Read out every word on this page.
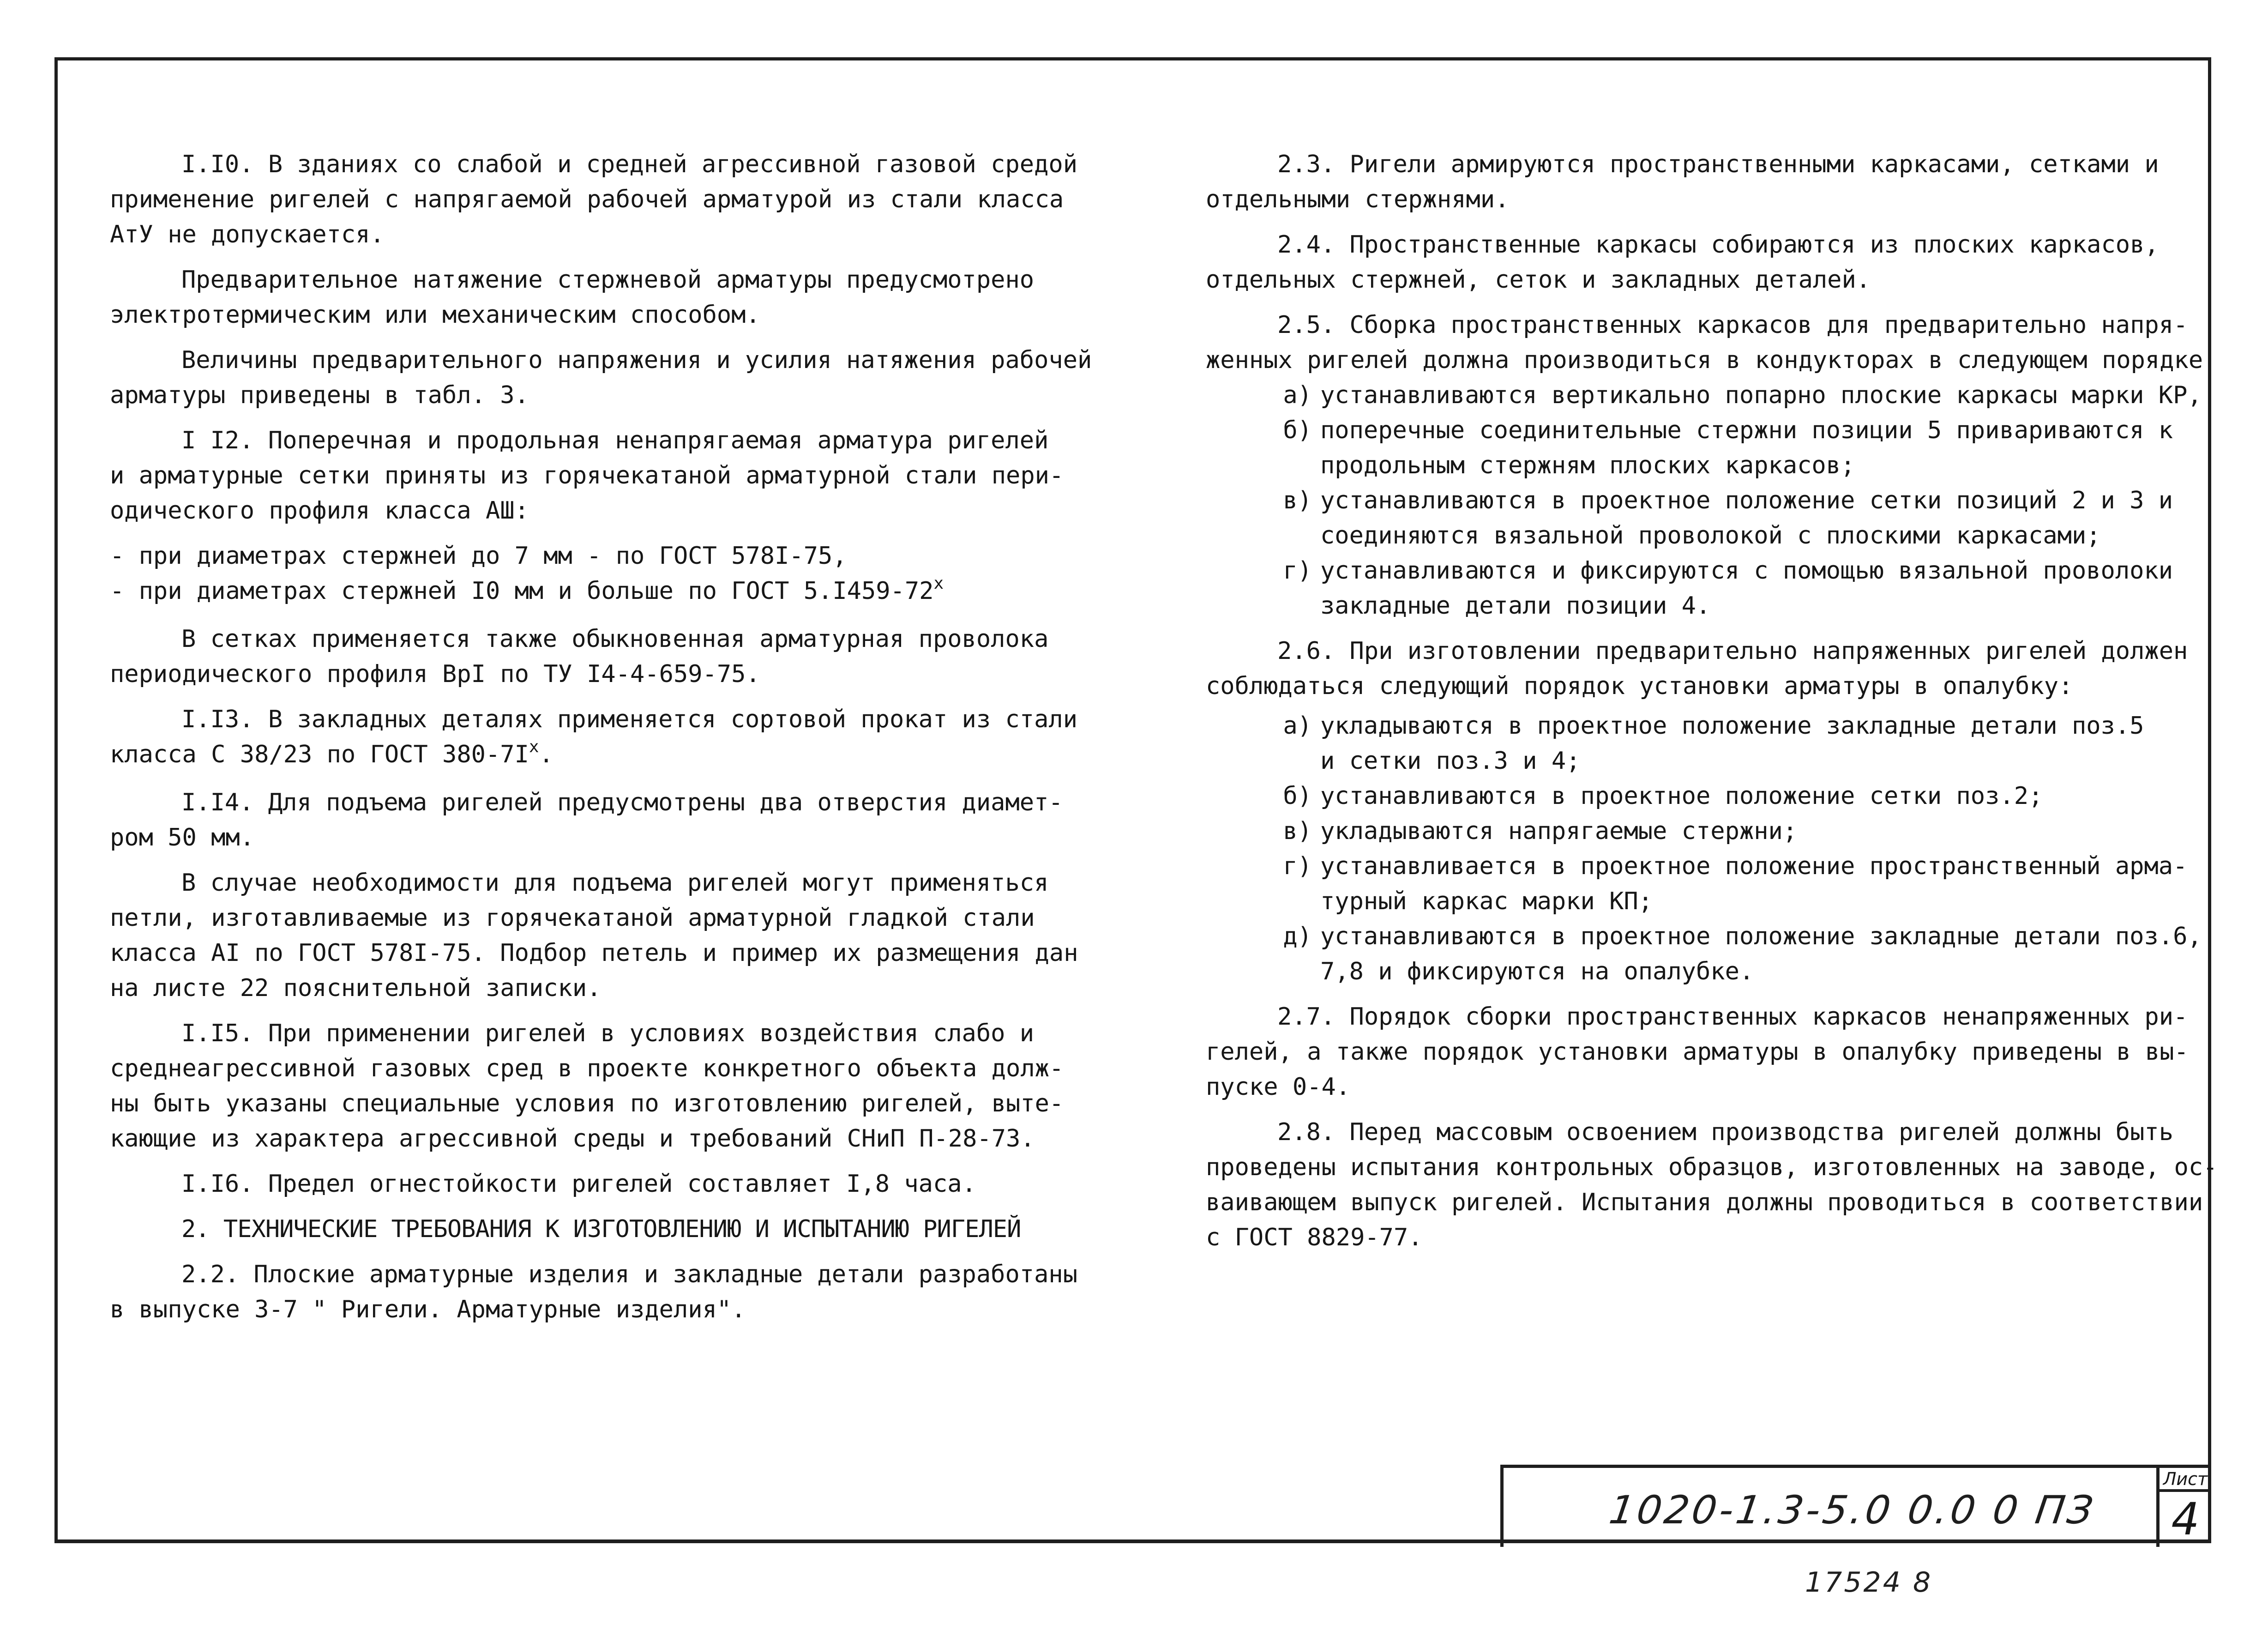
I.I0. В зданиях со слабой и средней агрессивной газовой средой
применение ригелей с напрягаемой рабочей арматурой из стали класса
АтУ не допускается.

Предварительное натяжение стержневой арматуры предусмотрено
электротермическим или механическим способом.

Величины предварительного напряжения и усилия натяжения рабочей
арматуры приведены в табл. 3.

I I2. Поперечная и продольная ненапрягаемая арматура ригелей
и арматурные сетки приняты из горячекатаной арматурной стали пери-
одического профиля класса АШ:

- при диаметрах стержней до 7 мм - по ГОСТ 578I-75,
- при диаметрах стержней I0 мм и больше по ГОСТ 5.I459-72$^x$

В сетках применяется также обыкновенная арматурная проволока
периодического профиля ВрI по ТУ I4-4-659-75.

I.I3. В закладных деталях применяется сортовой прокат из стали
класса С 38/23 по ГОСТ $380-7I^x$.

I.I4. Для подъема ригелей предусмотрены два отверстия диамет-
ром 50 мм.

В случае необходимости для подъема ригелей могут применяться
петли, изготавливаемые из горячекатаной арматурной гладкой стали
класса АI по ГОСТ 578I-75. Подбор петель и пример их размещения дан
на листе 22 пояснительной записки.

I.I5. При применении ригелей в условиях воздействия слабо и
среднеагрессивной газовых сред в проекте конкретного объекта долж-
ны быть указаны специальные условия по изготовлению ригелей, выте-
кающие из характера агрессивной среды и требований СНиП П-28-73.

I.I6. Предел огнестойкости ригелей составляет I,8 часа.

2. ТЕХНИЧЕСКИЕ ТРЕБОВАНИЯ К ИЗГОТОВЛЕНИЮ И ИСПЫТАНИЮ РИГЕЛЕЙ

2.2. Плоские арматурные изделия и закладные детали разработаны
в выпуске 3-7 " Ригели. Арматурные изделия".

2.3. Ригели армируются пространственными каркасами, сетками и
отдельными стержнями.

2.4. Пространственные каркасы собираются из плоских каркасов,
отдельных стержней, сеток и закладных деталей.

2.5. Сборка пространственных каркасов для предварительно напря-
женных ригелей должна производиться в кондукторах в следующем порядке

а) устанавливаются вертикально попарно плоские каркасы марки КР,
б) поперечные соединительные стержни позиции 5 привариваются к
продольным стержням плоских каркасов;
в) устанавливаются в проектное положение сетки позиций 2 и 3 и
соединяются вязальной проволокой с плоскими каркасами;
г) устанавливаются и фиксируются с помощью вязальной проволоки
закладные детали позиции 4.

2.6. При изготовлении предварительно напряженных ригелей должен
соблюдаться следующий порядок установки арматуры в опалубку:

а) укладываются в проектное положение закладные детали поз.5
и сетки поз.3 и 4;
б) устанавливаются в проектное положение сетки поз.2;
в) укладываются напрягаемые стержни;
г) устанавливается в проектное положение пространственный арма-
турный каркас марки КП;
д) устанавливаются в проектное положение закладные детали поз.6,
7,8 и фиксируются на опалубке.

2.7. Порядок сборки пространственных каркасов ненапряженных ри-
гелей, а также порядок установки арматуры в опалубку приведены в вы-
пуске 0-4.

2.8. Перед массовым освоением производства ригелей должны быть
проведены испытания контрольных образцов, изготовленных на заводе, ос-
ваивающем выпуск ригелей. Испытания должны проводиться в соответствии
с ГОСТ 8829-77.

1020-1.3-5.0 0.0 0 ПЗ
Лист
4
17524 8
